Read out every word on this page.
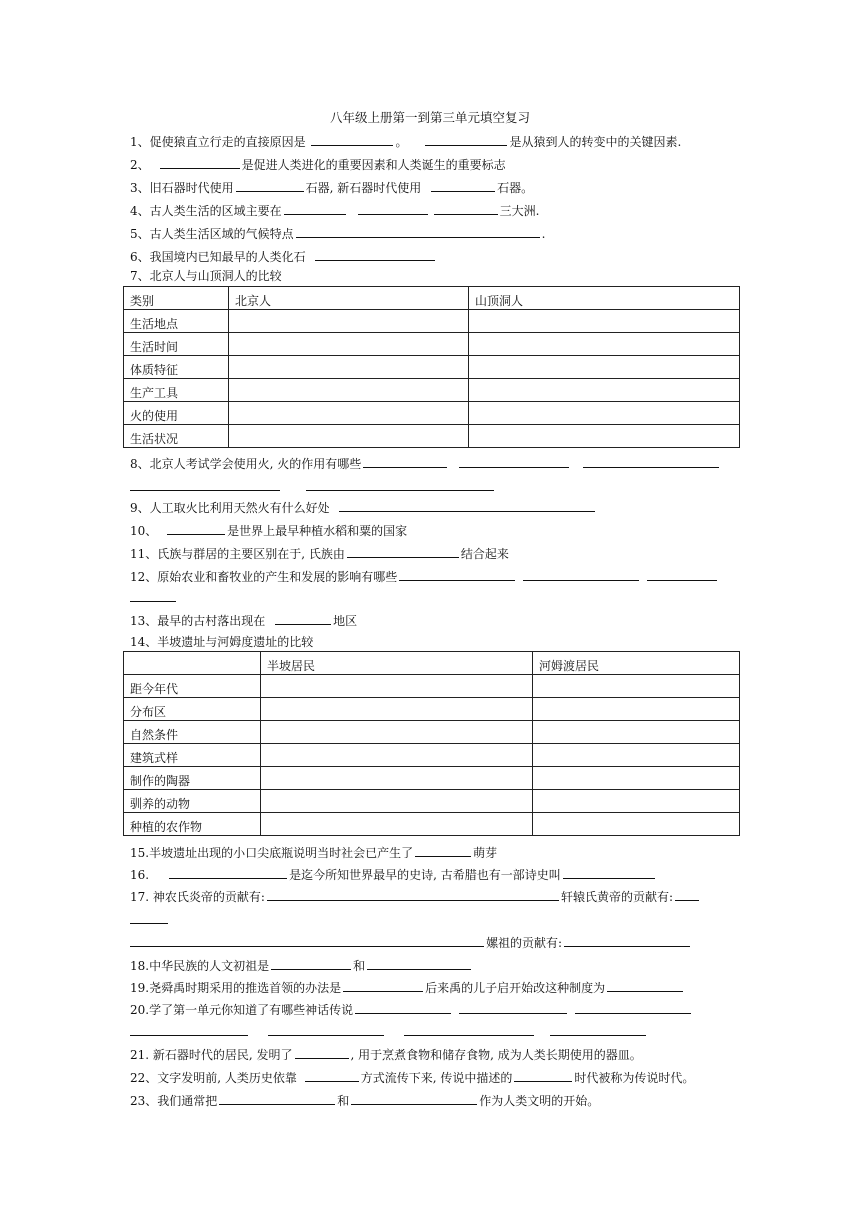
八年级上册第一到第三单元填空复习
1、促使猿直立行走的直接原因是	。	是从猿到人的转变中的关键因素.
2、	是促进人类进化的重要因素和人类诞生的重要标志
3、旧石器时代使用	石器, 新石器时代使用	石器。
4、古人类生活的区域主要在	三大洲.
5、古人类生活区域的气候特点	.
6、我国境内已知最早的人类化石
7、北京人与山顶洞人的比较
类别	北京人	山顶洞人
生活地点		
生活时间		
体质特征		
生产工具		
火的使用		
生活状况		
8、北京人考试学会使用火, 火的作用有哪些
9、人工取火比利用天然火有什么好处
10、	是世界上最早种植水稻和粟的国家
11、氏族与群居的主要区别在于, 氏族由	结合起来
12、原始农业和畜牧业的产生和发展的影响有哪些
13、最早的古村落出现在	地区
14、半坡遗址与河姆度遗址的比较
	半坡居民	河姆渡居民
距今年代		
分布区		
自然条件		
建筑式样		
制作的陶器		
驯养的动物		
种植的农作物		
15.半坡遗址出现的小口尖底瓶说明当时社会已产生了	萌芽
16.	是迄今所知世界最早的史诗, 古希腊也有一部诗史叫
17. 神农氏炎帝的贡献有:	轩辕氏黄帝的贡献有:
嫘祖的贡献有:
18.中华民族的人文初祖是	和
19.尧舜禹时期采用的推选首领的办法是	后来禹的儿子启开始改这种制度为
20.学了第一单元你知道了有哪些神话传说
21. 新石器时代的居民, 发明了	, 用于烹煮食物和储存食物, 成为人类长期使用的器皿。
22、文字发明前, 人类历史依靠	方式流传下来, 传说中描述的	时代被称为传说时代。
23、我们通常把	和	作为人类文明的开始。
